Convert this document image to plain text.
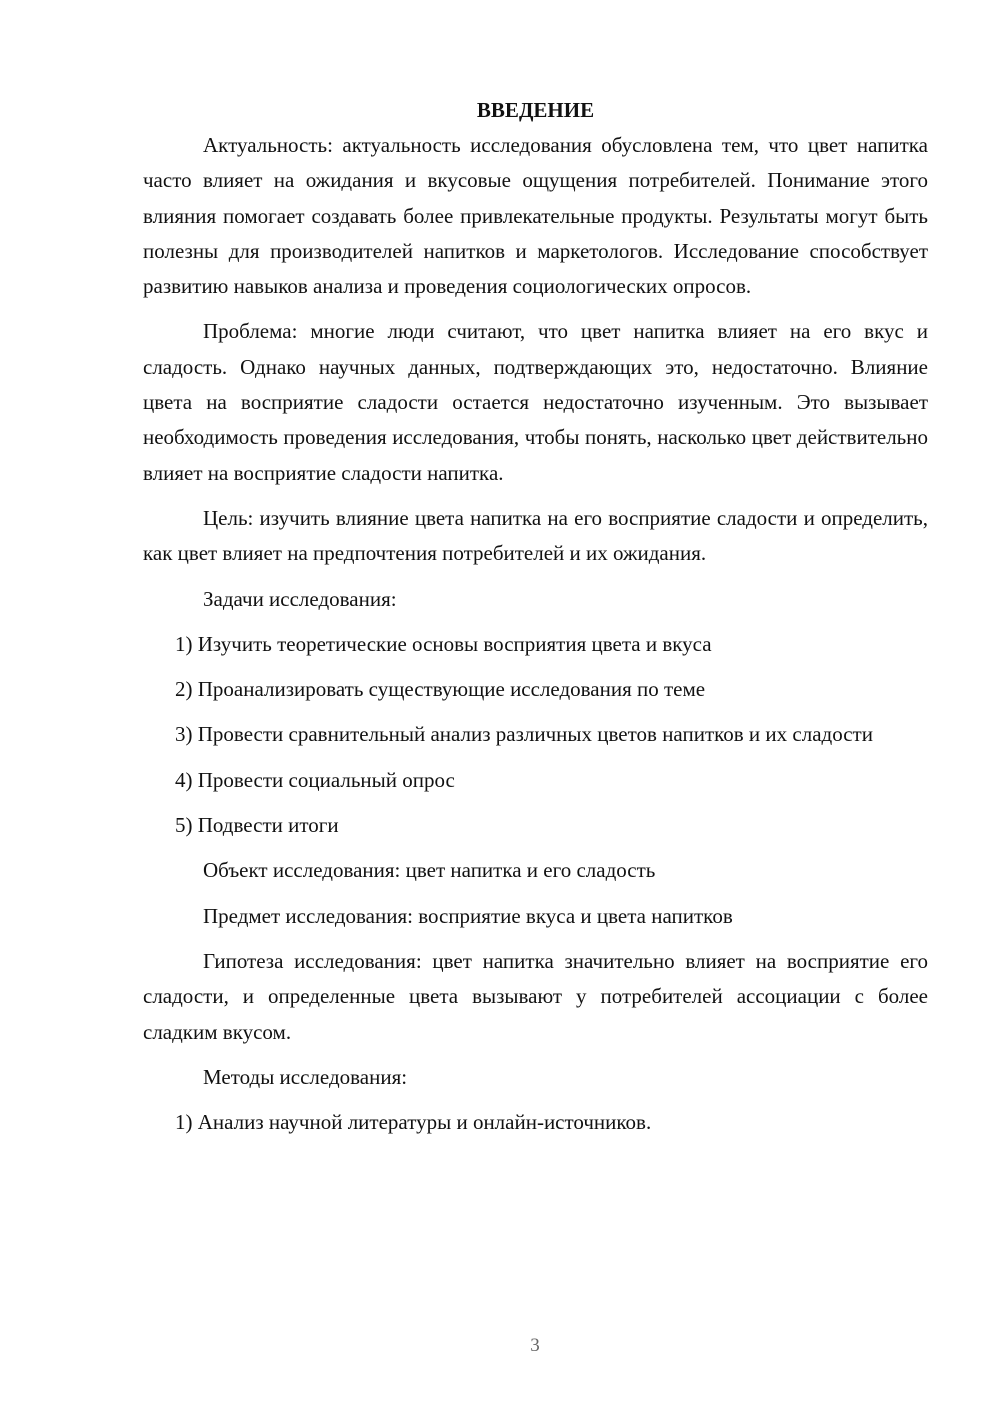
ВВЕДЕНИЕ

Актуальность: актуальность исследования обусловлена тем, что цвет напитка часто влияет на ожидания и вкусовые ощущения потребителей. Понимание этого влияния помогает создавать более привлекательные продукты. Результаты могут быть полезны для производителей напитков и маркетологов. Исследование способствует развитию навыков анализа и проведения социологических опросов.

Проблема: многие люди считают, что цвет напитка влияет на его вкус и сладость. Однако научных данных, подтверждающих это, недостаточно. Влияние цвета на восприятие сладости остается недостаточно изученным. Это вызывает необходимость проведения исследования, чтобы понять, насколько цвет действительно влияет на восприятие сладости напитка.

Цель: изучить влияние цвета напитка на его восприятие сладости и определить, как цвет влияет на предпочтения потребителей и их ожидания.

Задачи исследования:

1) Изучить теоретические основы восприятия цвета и вкуса

2) Проанализировать существующие исследования по теме

3) Провести сравнительный анализ различных цветов напитков и их сладости

4) Провести социальный опрос

5) Подвести итоги

Объект исследования: цвет напитка и его сладость

Предмет исследования: восприятие вкуса и цвета напитков

Гипотеза исследования: цвет напитка значительно влияет на восприятие его сладости, и определенные цвета вызывают у потребителей ассоциации с более сладким вкусом.

Методы исследования:

1) Анализ научной литературы и онлайн-источников.

3
